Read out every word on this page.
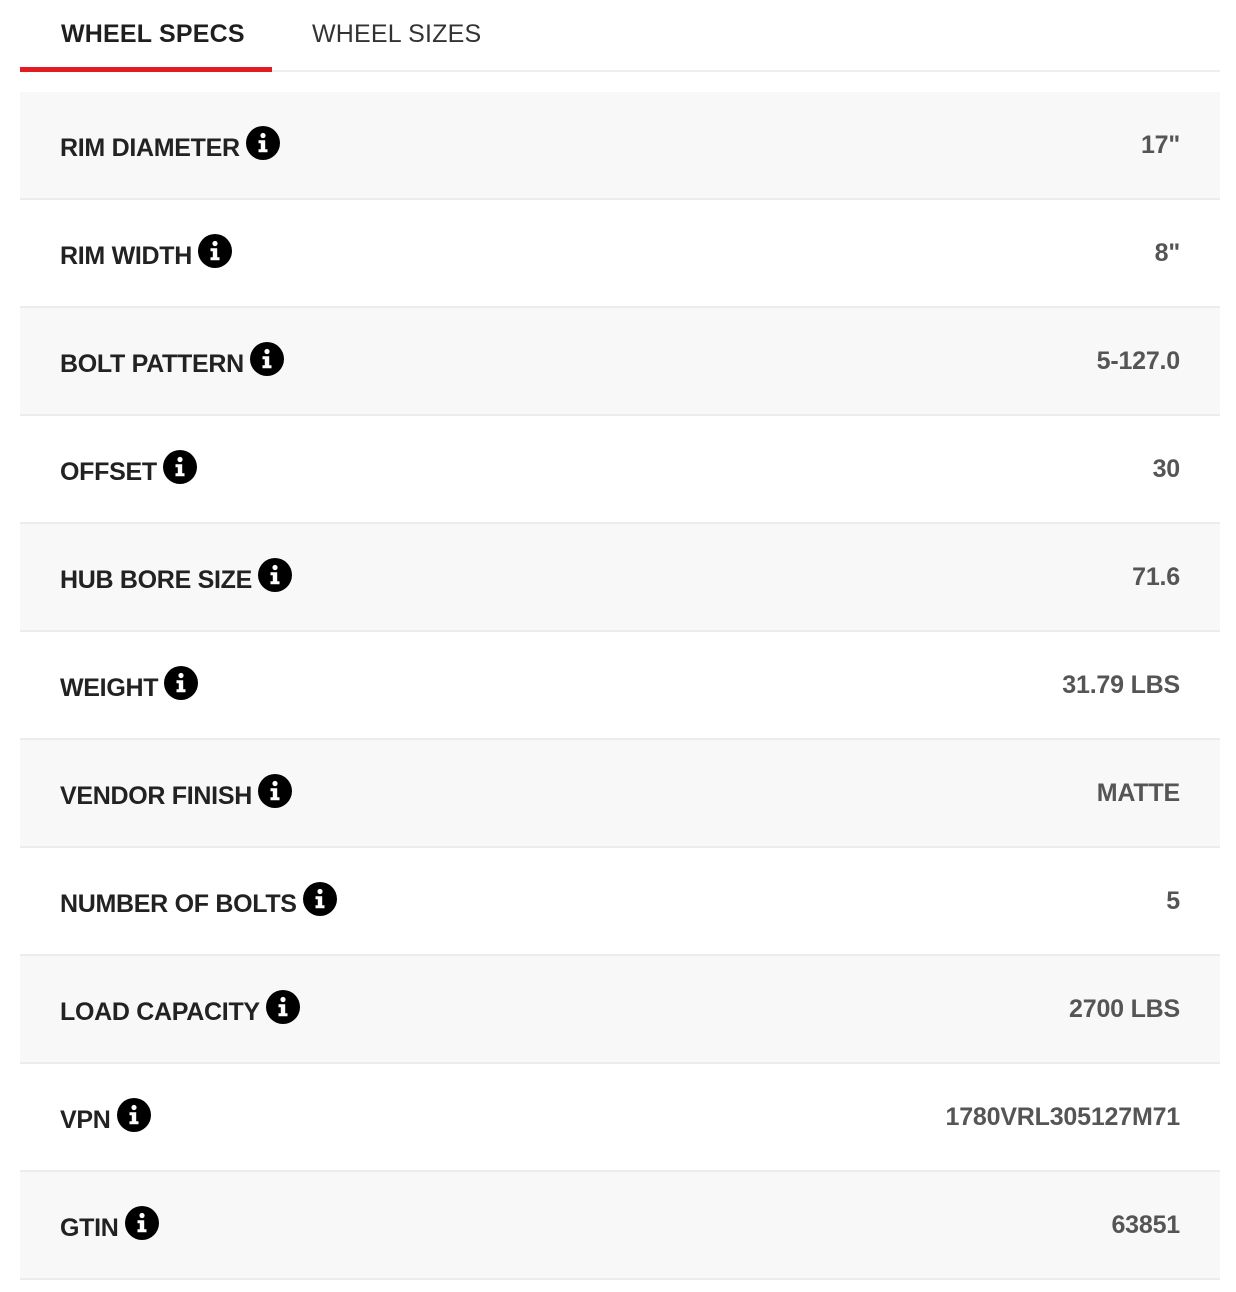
WHEEL SPECS	WHEEL SIZES
RIM DIAMETER	17"
RIM WIDTH	8"
BOLT PATTERN	5-127.0
OFFSET	30
HUB BORE SIZE	71.6
WEIGHT	31.79 LBS
VENDOR FINISH	MATTE
NUMBER OF BOLTS	5
LOAD CAPACITY	2700 LBS
VPN	1780VRL305127M71
GTIN	63851
